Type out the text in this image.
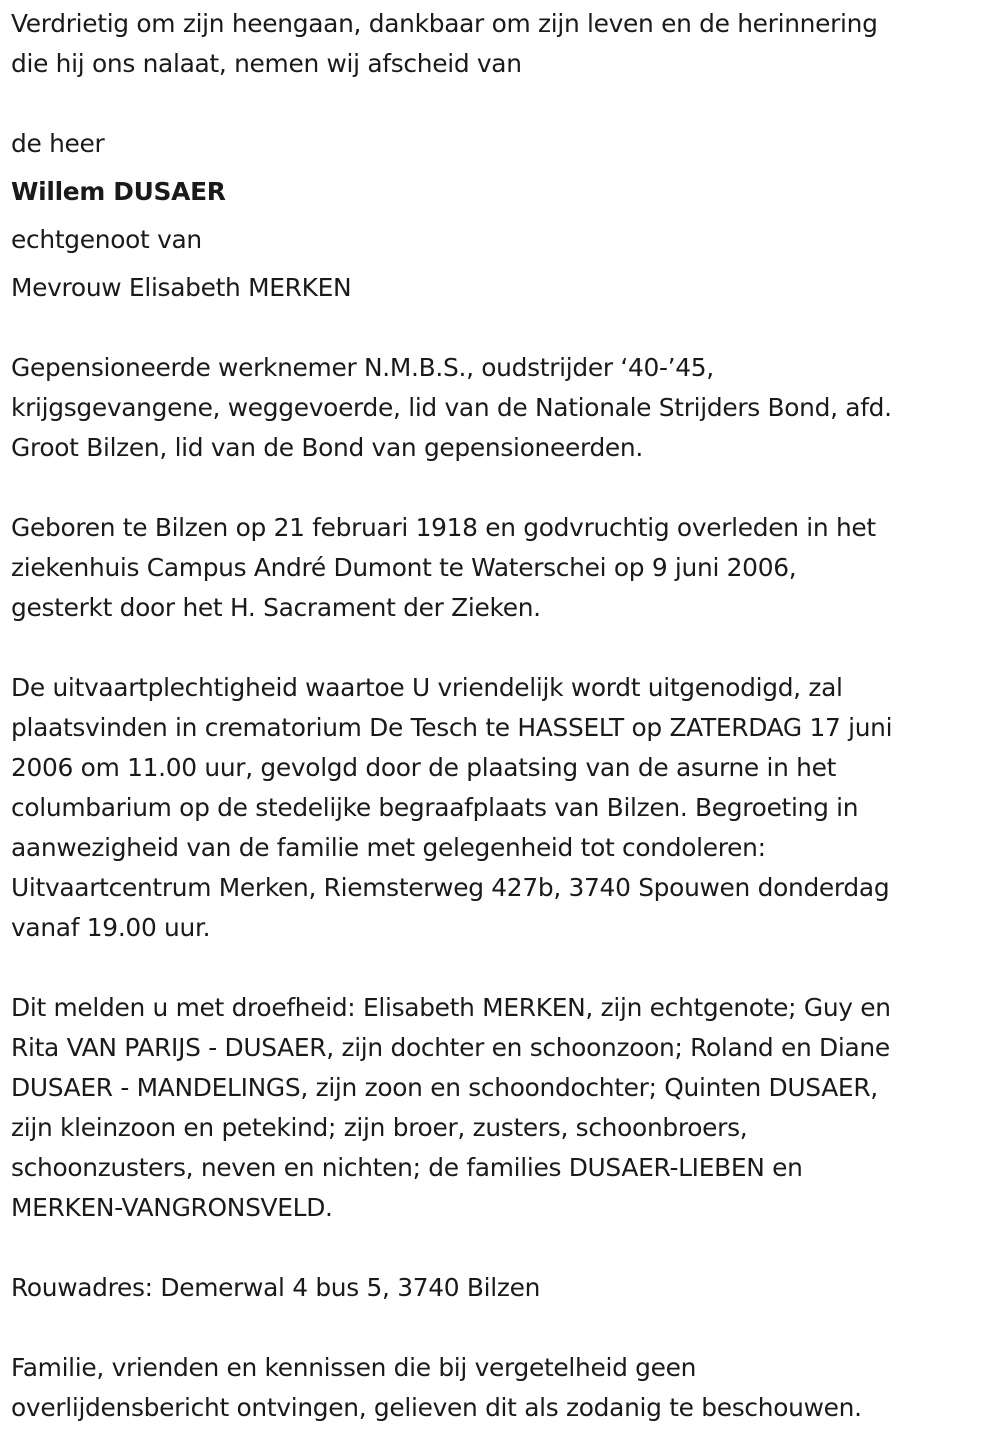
Verdrietig om zijn heengaan, dankbaar om zijn leven en de herinnering
die hij ons nalaat, nemen wij afscheid van

de heer

Willem DUSAER

echtgenoot van

Mevrouw Elisabeth MERKEN

Gepensioneerde werknemer N.M.B.S., oudstrijder ‘40-’45,
krijgsgevangene, weggevoerde, lid van de Nationale Strijders Bond, afd.
Groot Bilzen, lid van de Bond van gepensioneerden.

Geboren te Bilzen op 21 februari 1918 en godvruchtig overleden in het
ziekenhuis Campus André Dumont te Waterschei op 9 juni 2006,
gesterkt door het H. Sacrament der Zieken.

De uitvaartplechtigheid waartoe U vriendelijk wordt uitgenodigd, zal
plaatsvinden in crematorium De Tesch te HASSELT op ZATERDAG 17 juni
2006 om 11.00 uur, gevolgd door de plaatsing van de asurne in het
columbarium op de stedelijke begraafplaats van Bilzen. Begroeting in
aanwezigheid van de familie met gelegenheid tot condoleren:
Uitvaartcentrum Merken, Riemsterweg 427b, 3740 Spouwen donderdag
vanaf 19.00 uur.

Dit melden u met droefheid: Elisabeth MERKEN, zijn echtgenote; Guy en
Rita VAN PARIJS - DUSAER, zijn dochter en schoonzoon; Roland en Diane
DUSAER - MANDELINGS, zijn zoon en schoondochter; Quinten DUSAER,
zijn kleinzoon en petekind; zijn broer, zusters, schoonbroers,
schoonzusters, neven en nichten; de families DUSAER-LIEBEN en
MERKEN-VANGRONSVELD.

Rouwadres: Demerwal 4 bus 5, 3740 Bilzen

Familie, vrienden en kennissen die bij vergetelheid geen
overlijdensbericht ontvingen, gelieven dit als zodanig te beschouwen.
